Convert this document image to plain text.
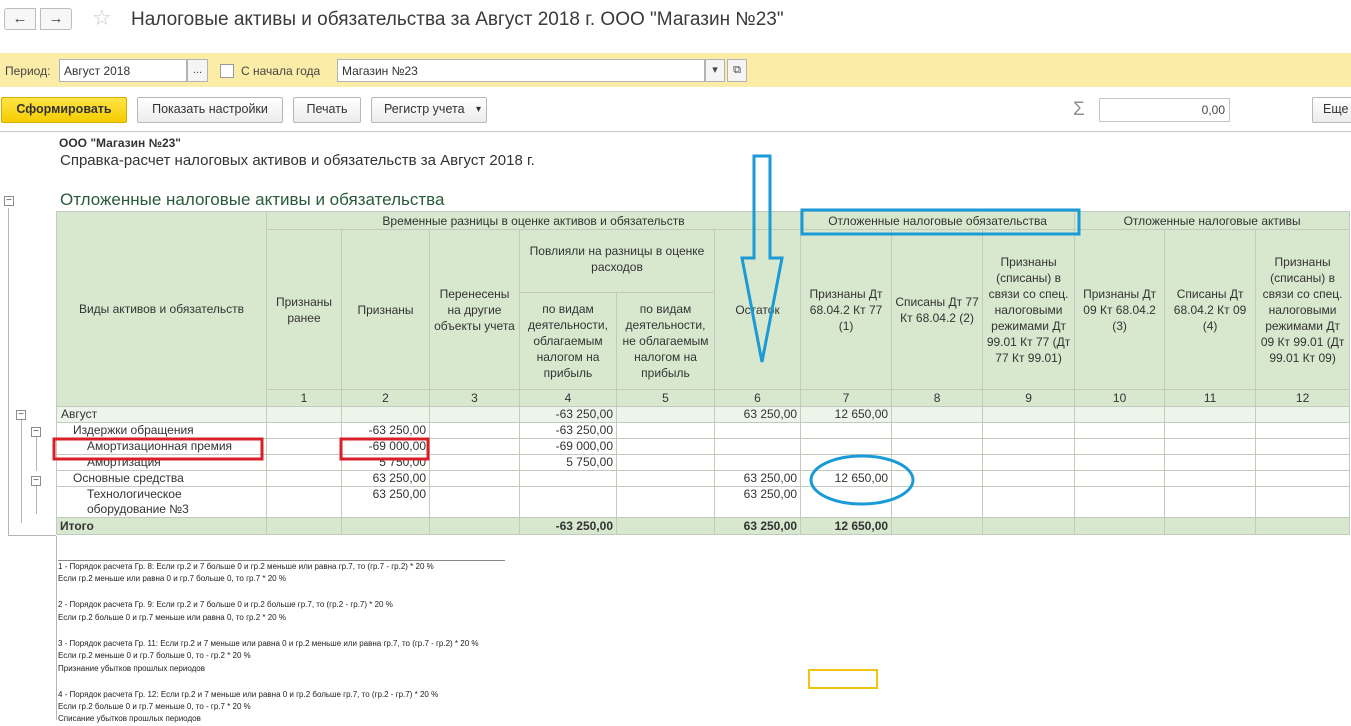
←	→	☆ Налоговые активы и обязательства за Август 2018 г. ООО "Магазин №23"
Период:	Август 2018	...	С начала года	Магазин №23	▾	⧉
Сформировать	Показать настройки	Печать	Регистр учета ▾	Σ	0,00	Еще
−
−
−
−
ООО "Магазин №23"
Справка-расчет налоговых активов и обязательств за Август 2018 г.
Отложенные налоговые активы и обязательства
Виды активов и обязательств	Временные разницы в оценке активов и обязательств						Отложенные налоговые обязательства			Отложенные налоговые активы			
	Признаны ранее	Признаны	Перенесены на другие объекты учета	Повлияли на разницы в оценке расходов		Остаток	Признаны Дт 68.04.2 Кт 77 (1)	Списаны Дт 77 Кт 68.04.2 (2)	Признаны (списаны) в связи со спец. налоговыми режимами Дт 99.01 Кт 77 (Дт 77 Кт 99.01)	Признаны Дт 09 Кт 68.04.2 (3)	Списаны Дт 68.04.2 Кт 09 (4)	Признаны (списаны) в связи со спец. налоговыми режимами Дт 09 Кт 99.01 (Дт 99.01 Кт 09)	
				по видам деятельности, облагаемым налогом на прибыль	по видам деятельности, не облагаемым налогом на прибыль								
	1	2	3	4	5	6	7	8	9	10	11	12	
Август				-63 250,00		63 250,00	12 650,00						
Издержки обращения		-63 250,00		-63 250,00									
Амортизационная премия		-69 000,00		-69 000,00									
Амортизация		5 750,00		5 750,00									
Основные средства		63 250,00				63 250,00	12 650,00						
Технологическое оборудование №3		63 250,00				63 250,00							
Итого				-63 250,00		63 250,00	12 650,00						
1 - Порядок расчета Гр. 8: Если гр.2 и 7 больше 0 и гр.2 меньше или равна гр.7, то (гр.7 - гр.2) * 20 %
Если гр.2 меньше или равна 0 и гр.7 больше 0, то гр.7 * 20 %
2 - Порядок расчета Гр. 9: Если гр.2 и 7 больше 0 и гр.2 больше гр.7, то (гр.2 - гр.7) * 20 %
Если гр.2 больше 0 и гр.7 меньше или равна 0, то гр.2 * 20 %
3 - Порядок расчета Гр. 11: Если гр.2 и 7 меньше или равна 0 и гр.2 меньше или равна гр.7, то (гр.7 - гр.2) * 20 %
Если гр.2 меньше 0 и гр.7 больше 0, то - гр.2 * 20 %
Признание убытков прошлых периодов
4 - Порядок расчета Гр. 12: Если гр.2 и 7 меньше или равна 0 и гр.2 больше гр.7, то (гр.2 - гр.7) * 20 %
Если гр.2 больше 0 и гр.7 меньше 0, то - гр.7 * 20 %
Списание убытков прошлых периодов
